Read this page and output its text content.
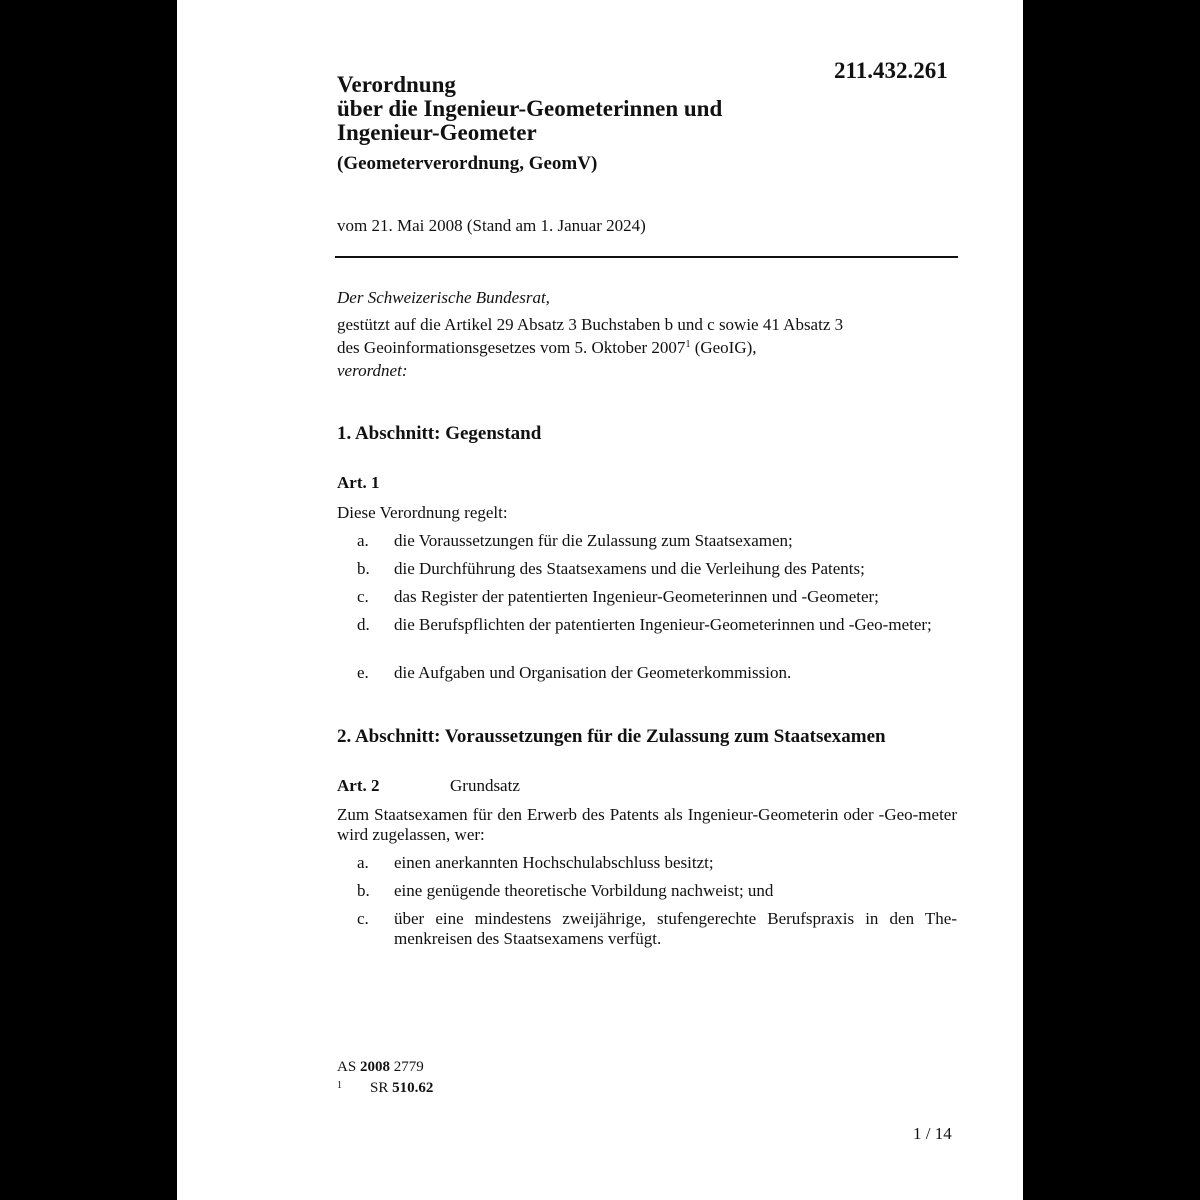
211.432.261
Verordnung
über die Ingenieur-Geometerinnen und
Ingenieur-Geometer
(Geometerverordnung, GeomV)
vom 21. Mai 2008 (Stand am 1. Januar 2024)
Der Schweizerische Bundesrat,
gestützt auf die Artikel 29 Absatz 3 Buchstaben b und c sowie 41 Absatz 3
des Geoinformationsgesetzes vom 5. Oktober 2007$^1$ (GeoIG),
verordnet:
1. Abschnitt: Gegenstand
Art. 1
Diese Verordnung regelt:
a. die Voraussetzungen für die Zulassung zum Staatsexamen;
b. die Durchführung des Staatsexamens und die Verleihung des Patents;
c. das Register der patentierten Ingenieur-Geometerinnen und -Geometer;
d. die Berufspflichten der patentierten Ingenieur-Geometerinnen und -Geo-meter;
e. die Aufgaben und Organisation der Geometerkommission.
2. Abschnitt: Voraussetzungen für die Zulassung zum Staatsexamen
Art. 2	Grundsatz
Zum Staatsexamen für den Erwerb des Patents als Ingenieur-Geometerin oder -Geo-meter wird zugelassen, wer:
a. einen anerkannten Hochschulabschluss besitzt;
b. eine genügende theoretische Vorbildung nachweist; und
c. über eine mindestens zweijährige, stufengerechte Berufspraxis in den The-menkreisen des Staatsexamens verfügt.
AS 2008 2779
$^1$ SR 510.62
1 / 14
